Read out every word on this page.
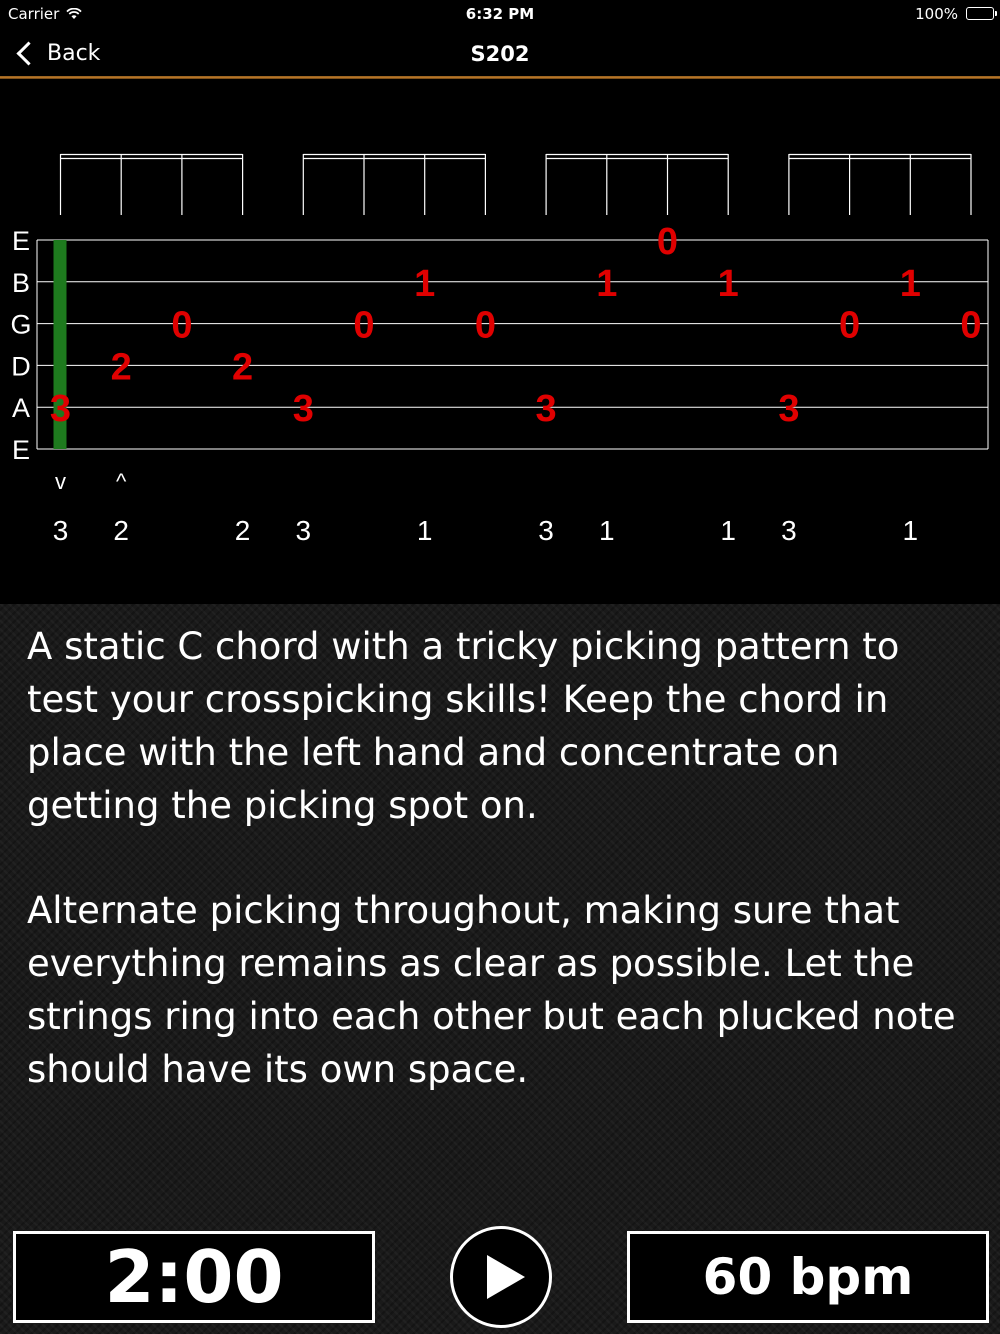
Carrier	6:32 PM	100%
Back	S202
E
B
G
D
A
E
3
v
3
2
^
2
0
2
2
3
3
0
1
1
0
3
3
1
1
0
1
1
3
3
0
1
1
0

A static C chord with a tricky picking pattern to test your crosspicking skills! Keep the chord in place with the left hand and concentrate on getting the picking spot on.

Alternate picking throughout, making sure that everything remains as clear as possible. Let the strings ring into each other but each plucked note should have its own space.

2:00	60 bpm
